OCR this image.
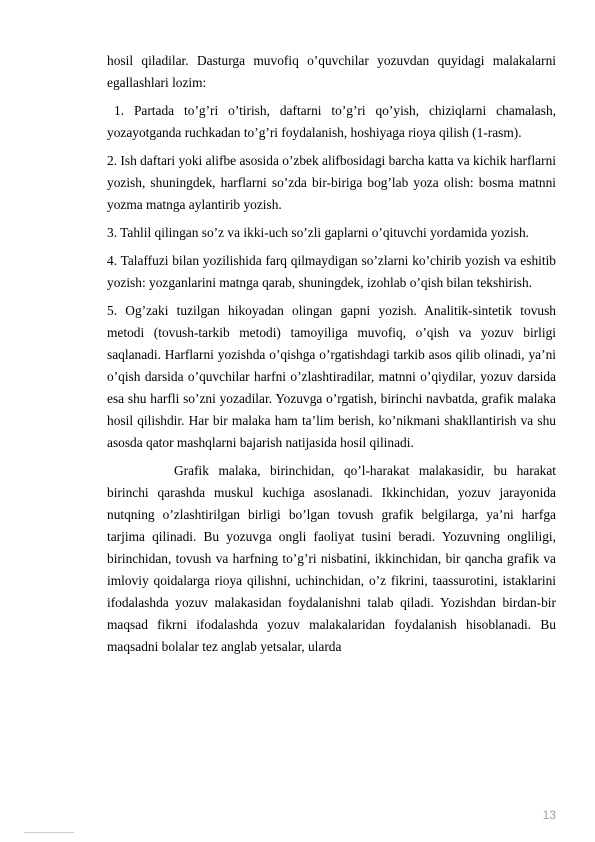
hosil qiladilar. Dasturga muvofiq o’quvchilar yozuvdan quyidagi malakalarni egallashlari lozim:

1. Partada to’g’ri o’tirish, daftarni to’g’ri qo’yish, chiziqlarni chamalash, yozayotganda ruchkadan to’g’ri foydalanish, hoshiyaga rioya qilish (1-rasm).

2. Ish daftari yoki alifbe asosida o’zbek alifbosidagi barcha katta va kichik harflarni yozish, shuningdek, harflarni so’zda bir-biriga bog’lab yoza olish: bosma matnni yozma matnga aylantirib yozish.

3. Tahlil qilingan so’z va ikki-uch so’zli gaplarni o’qituvchi yordamida yozish.

4. Talaffuzi bilan yozilishida farq qilmaydigan so’zlarni ko’chirib yozish va eshitib yozish: yozganlarini matnga qarab, shuningdek, izohlab o’qish bilan tekshirish.

5. Og’zaki tuzilgan hikoyadan olingan gapni yozish. Analitik-sintetik tovush metodi (tovush-tarkib metodi) tamoyiliga muvofiq, o’qish va yozuv birligi saqlanadi. Harflarni yozishda o’qishga o’rgatishdagi tarkib asos qilib olinadi, ya’ni o’qish darsida o’quvchilar harfni o’zlashtiradilar, matnni o’qiydilar, yozuv darsida esa shu harfli so’zni yozadilar. Yozuvga o’rgatish, birinchi navbatda, grafik malaka hosil qilishdir. Har bir malaka ham ta’lim berish, ko’nikmani shakllantirish va shu asosda qator mashqlarni bajarish natijasida hosil qilinadi.

Grafik malaka, birinchidan, qo’l-harakat malakasidir, bu harakat birinchi qarashda muskul kuchiga asoslanadi. Ikkinchidan, yozuv jarayonida nutqning o’zlashtirilgan birligi bo’lgan tovush grafik belgilarga, ya’ni harfga tarjima qilinadi. Bu yozuvga ongli faoliyat tusini beradi. Yozuvning ongliligi, birinchidan, tovush va harfning to’g’ri nisbatini, ikkinchidan, bir qancha grafik va imloviy qoidalarga rioya qilishni, uchinchidan, o’z fikrini, taassurotini, istaklarini ifodalashda yozuv malakasidan foydalanishni talab qiladi. Yozishdan birdan-bir maqsad fikrni ifodalashda yozuv malakalaridan foydalanish hisoblanadi. Bu maqsadni bolalar tez anglab yetsalar, ularda

13
